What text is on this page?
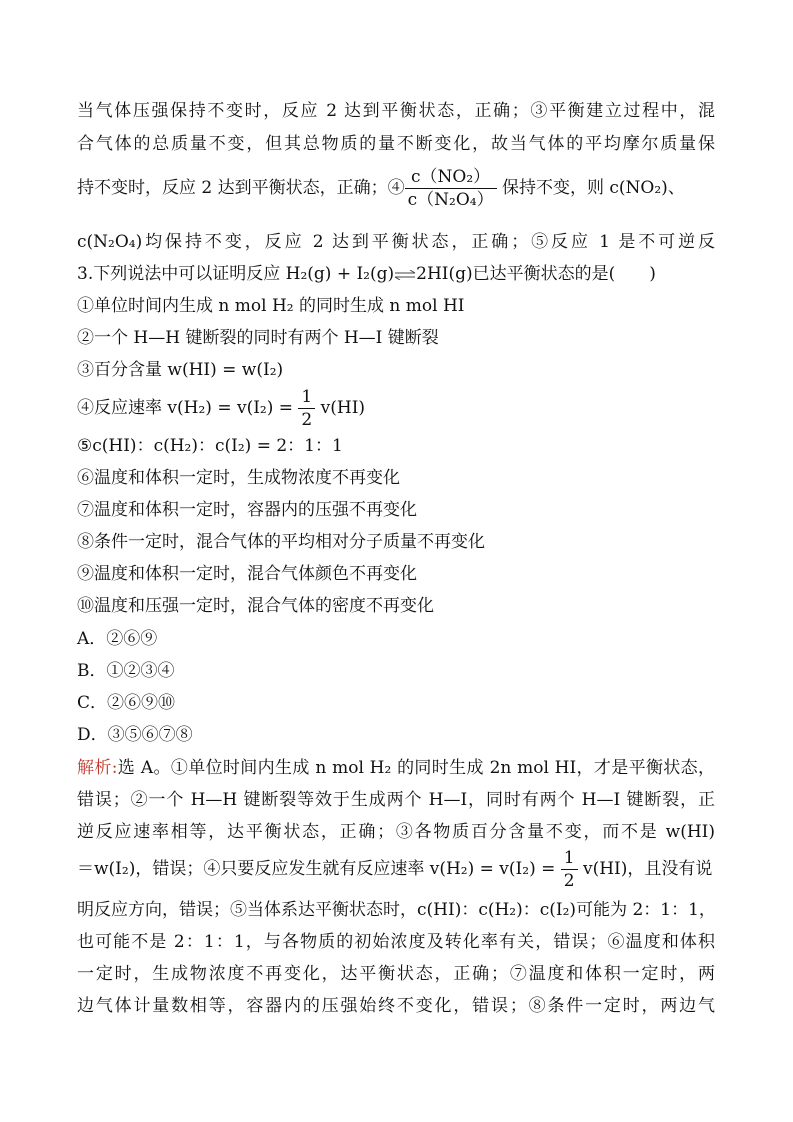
当气体压强保持不变时，反应 2 达到平衡状态，正确；③平衡建立过程中，混
合气体的总质量不变，但其总物质的量不断变化，故当气体的平均摩尔质量保
持不变时，反应 2 达到平衡状态，正确；④ $\frac{\text{c（NO₂）}}{\text{c（N₂O₄）}}$ 保持不变，则 c(NO₂)、
c(N₂O₄)均保持不变，反应 2 达到平衡状态，正确；⑤反应 1 是不可逆反
3.下列说法中可以证明反应 H₂(g) + I₂(g)⇌2HI(g)已达平衡状态的是(　　)
①单位时间内生成 n mol H₂ 的同时生成 n mol HI
②一个 H—H 键断裂的同时有两个 H—I 键断裂
③百分含量 w(HI) = w(I₂)
④反应速率 $v(H_2) = v(I_2) = \frac{1}{2} v(HI)$
⑤c(HI)：c(H₂)：c(I₂) = 2：1：1
⑥温度和体积一定时，生成物浓度不再变化
⑦温度和体积一定时，容器内的压强不再变化
⑧条件一定时，混合气体的平均相对分子质量不再变化
⑨温度和体积一定时，混合气体颜色不再变化
⑩温度和压强一定时，混合气体的密度不再变化
A．②⑥⑨
B．①②③④
C．②⑥⑨⑩
D．③⑤⑥⑦⑧
解析:选 A。①单位时间内生成 n mol H₂ 的同时生成 2n mol HI，才是平衡状态，
错误；②一个 H—H 键断裂等效于生成两个 H—I，同时有两个 H—I 键断裂，正
逆反应速率相等，达平衡状态，正确；③各物质百分含量不变，而不是 w(HI)
＝w(I₂)，错误；④只要反应发生就有反应速率 $v(H_2) = v(I_2) = \frac{1}{2} v(HI)$，且没有说
明反应方向，错误；⑤当体系达平衡状态时，c(HI)：c(H₂)：c(I₂)可能为 2：1：1，
也可能不是 2：1：1，与各物质的初始浓度及转化率有关，错误；⑥温度和体积
一定时，生成物浓度不再变化，达平衡状态，正确；⑦温度和体积一定时，两
边气体计量数相等，容器内的压强始终不变化，错误；⑧条件一定时，两边气
